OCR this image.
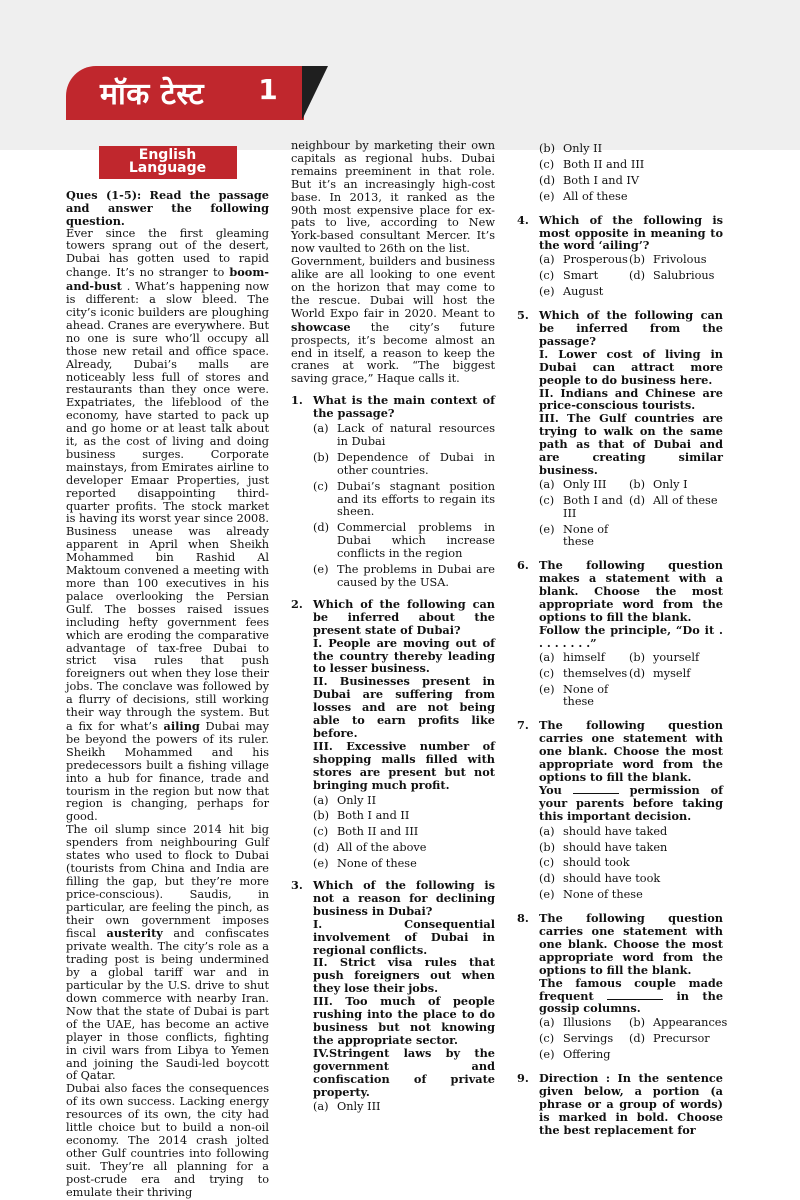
मॉक टेस्ट 1
English Language

Ques (1-5): Read the passage and answer the following question.

Ever since the first gleaming towers sprang out of the desert, Dubai has gotten used to rapid change. It’s no stranger to boom-and-bust . What’s happening now is different: a slow bleed. The city’s iconic builders are ploughing ahead. Cranes are everywhere. But no one is sure who’ll occupy all those new retail and office space. Already, Dubai’s malls are noticeably less full of stores and restaurants than they once were. Expatriates, the lifeblood of the economy, have started to pack up and go home or at least talk about it, as the cost of living and doing business surges. Corporate mainstays, from Emirates airline to developer Emaar Properties, just reported disappointing third-quarter profits. The stock market is having its worst year since 2008. Business unease was already apparent in April when Sheikh Mohammed bin Rashid Al Maktoum convened a meeting with more than 100 executives in his palace overlooking the Persian Gulf. The bosses raised issues including hefty government fees which are eroding the comparative advantage of tax-free Dubai to strict visa rules that push foreigners out when they lose their jobs. The conclave was followed by a flurry of decisions, still working their way through the system. But a fix for what’s ailing Dubai may be beyond the powers of its ruler. Sheikh Mohammed and his predecessors built a fishing village into a hub for finance, trade and tourism in the region but now that region is changing, perhaps for good.

The oil slump since 2014 hit big spenders from neighbouring Gulf states who used to flock to Dubai (tourists from China and India are filling the gap, but they’re more price-conscious). Saudis, in particular, are feeling the pinch, as their own government imposes fiscal austerity and confiscates private wealth. The city’s role as a trading post is being undermined by a global tariff war and in particular by the U.S. drive to shut down commerce with nearby Iran. Now that the state of Dubai is part of the UAE, has become an active player in those conflicts, fighting in civil wars from Libya to Yemen and joining the Saudi-led boycott of Qatar.

Dubai also faces the consequences of its own success. Lacking energy resources of its own, the city had little choice but to build a non-oil economy. The 2014 crash jolted other Gulf countries into following suit. They’re all planning for a post-crude era and trying to emulate their thriving

neighbour by marketing their own capitals as regional hubs. Dubai remains preeminent in that role. But it’s an increasingly high-cost base. In 2013, it ranked as the 90th most expensive place for ex-pats to live, according to New York-based consultant Mercer. It’s now vaulted to 26th on the list.

Government, builders and business alike are all looking to one event on the horizon that may come to the rescue. Dubai will host the World Expo fair in 2020. Meant to showcase the city’s future prospects, it’s become almost an end in itself, a reason to keep the cranes at work. “The biggest saving grace,” Haque calls it.

1. What is the main context of the passage?
(a) Lack of natural resources in Dubai
(b) Dependence of Dubai in other countries.
(c) Dubai’s stagnant position and its efforts to regain its sheen.
(d) Commercial problems in Dubai which increase conflicts in the region
(e) The problems in Dubai are caused by the USA.
2. Which of the following can be inferred about the present state of Dubai?
I. People are moving out of the country thereby leading to lesser business.
II. Businesses present in Dubai are suffering from losses and are not being able to earn profits like before.
III. Excessive number of shopping malls filled with stores are present but not bringing much profit.
(a) Only II
(b) Both I and II
(c) Both II and III
(d) All of the above
(e) None of these
3. Which of the following is not a reason for declining business in Dubai?
I. Consequential involvement of Dubai in regional conflicts.
II. Strict visa rules that push foreigners out when they lose their jobs.
III. Too much of people rushing into the place to do business but not knowing the appropriate sector.
IV.Stringent laws by the government and confiscation of private property.
(a) Only III
(b) Only II
(c) Both II and III
(d) Both I and IV
(e) All of these
4. Which of the following is most opposite in meaning to the word ‘ailing’?
(a) Prosperous (b) Frivolous
(c) Smart	(d) Salubrious
(e) August
5. Which of the following can be inferred from the passage?
I. Lower cost of living in Dubai can attract more people to do business here.
II. Indians and Chinese are price-conscious tourists.
III. The Gulf countries are trying to walk on the same path as that of Dubai and are creating similar business.
(a) Only III (b) Only I
(c) Both I and III
(d) All of these
(e) None of these
6. The following question makes a statement with a blank. Choose the most appropriate word from the options to fill the blank.
Follow the principle, “Do it . . . . . . . .”
(a) himself (b) yourself
(c) themselves (d) myself
(e) None of these
7. The following question carries one statement with one blank. Choose the most appropriate word from the options to fill the blank.
You	permission of your parents before taking this important decision.
(a) should have taked
(b) should have taken
(c) should took
(d) should have took
(e) None of these
8. The following question carries one statement with one blank. Choose the most appropriate word from the options to fill the blank.
The famous couple made frequent	in the gossip columns.
(a) Illusions (b) Appearances
(c) Servings (d) Precursor
(e) Offering
9. Direction : In the sentence given below, a portion (a phrase or a group of words) is marked in bold. Choose the best replacement for
